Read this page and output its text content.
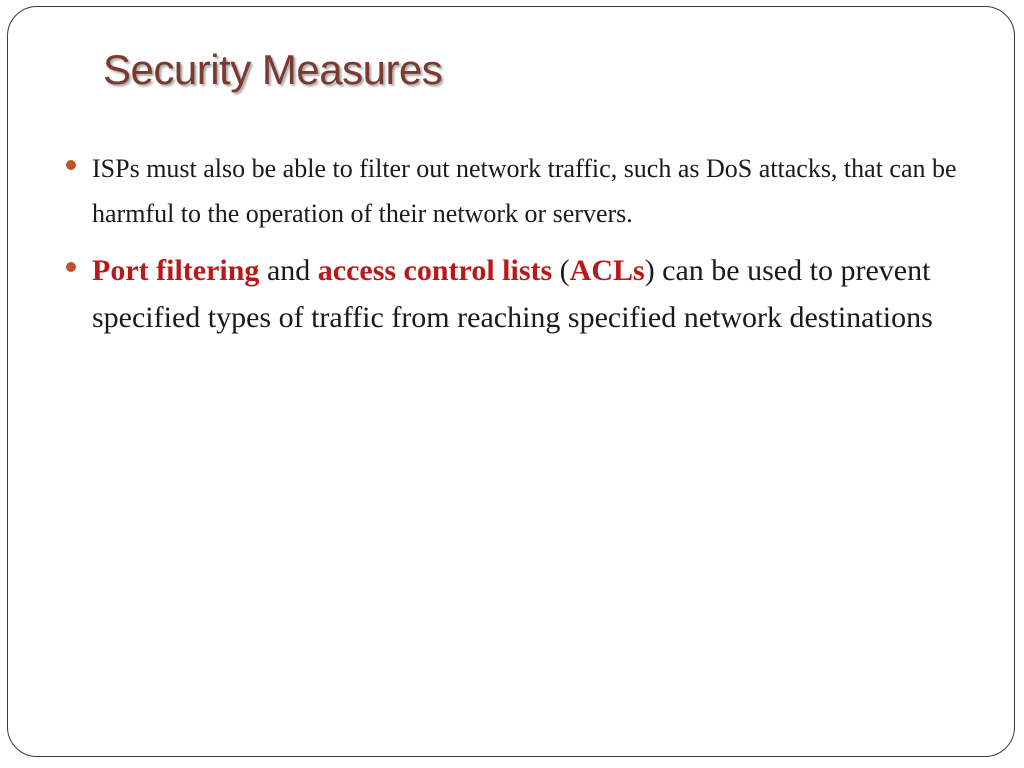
Security Measures
ISPs must also be able to filter out network traffic, such as DoS attacks, that can be harmful to the operation of their network or servers.
Port filtering and access control lists (ACLs) can be used to prevent specified types of traffic from reaching specified network destinations
